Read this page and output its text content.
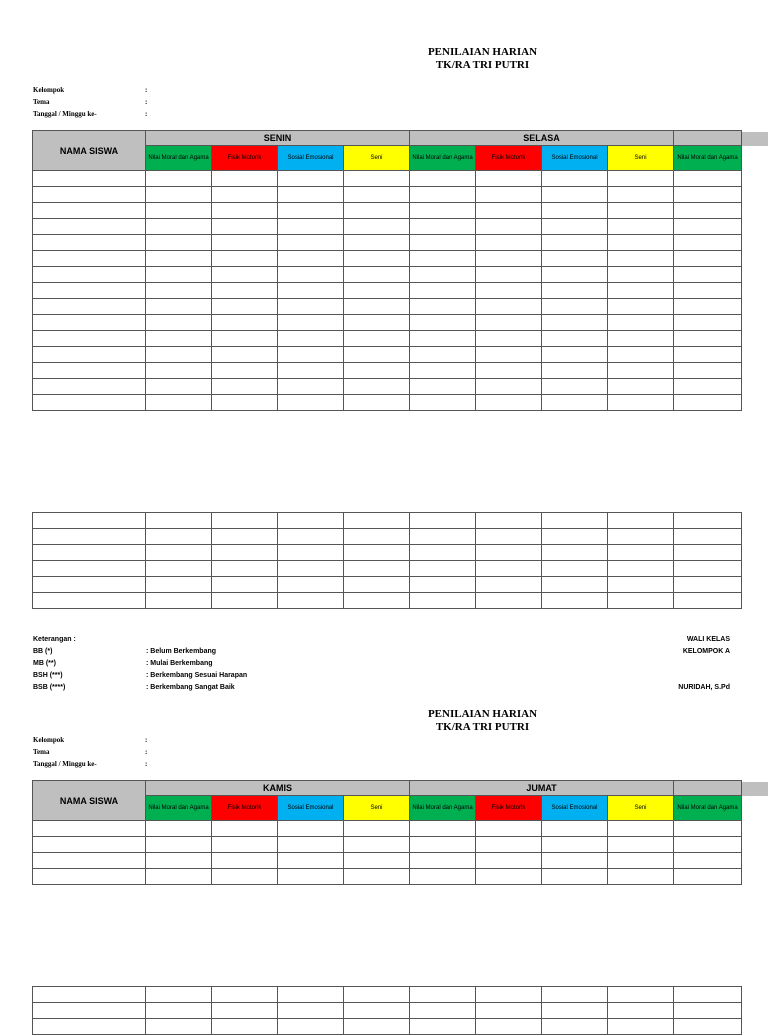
PENILAIAN HARIAN
TK/RA TRI PUTRI
Kelompok	:
Tema	:
Tanggal / Minggu ke-	:
NAMA SISWA	SENIN				SELASA				
	Nilai Moral dan Agama	Fisik Motorik	Sosial Emosional	Seni	Nilai Moral dan Agama	Fisik Motorik	Sosial Emosional	Seni	Nilai Moral dan Agama

Keterangan :
BB (*)	: Belum Berkembang
MB (**)	: Mulai Berkembang
BSH (***)	: Berkembang Sesuai Harapan
BSB (****)	: Berkembang Sangat Baik
WALI KELAS
KELOMPOK A
NURIDAH, S.Pd
PENILAIAN HARIAN
TK/RA TRI PUTRI
Kelompok	:
Tema	:
Tanggal / Minggu ke-	:
NAMA SISWA	KAMIS				JUMAT				
	Nilai Moral dan Agama	Fisik Motorik	Sosial Emosional	Seni	Nilai Moral dan Agama	Fisik Motorik	Sosial Emosional	Seni	Nilai Moral dan Agama
